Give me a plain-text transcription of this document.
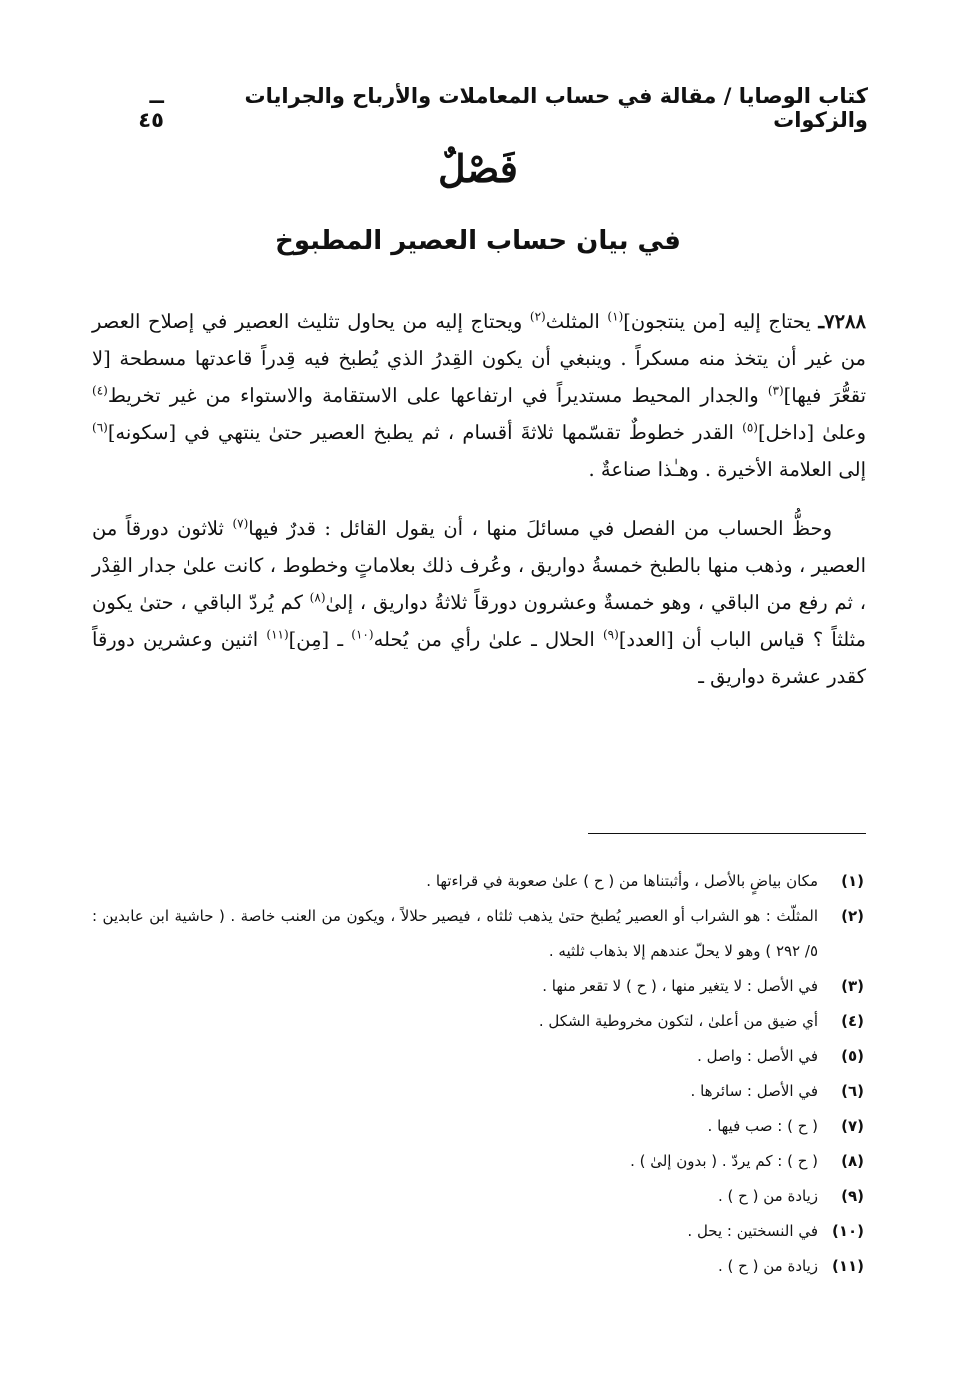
كتاب الوصايا / مقالة في حساب المعاملات والأرباح والجرايات والزكوات
ــ ٤٥
فَصْلٌ
في بيان حساب العصير المطبوخ

٧٢٨٨ـ يحتاج إليه [من ينتجون]$^{(١)}$ المثلث$^{(٢)}$ ويحتاج إليه من يحاول تثليث العصير في إصلاح العصر من غير أن يتخذ منه مسكراً . وينبغي أن يكون القِدرُ الذي يُطبخ فيه قِدراً قاعدتها مسطحة [لا تقعُّرَ فيها]$^{(٣)}$ والجدار المحيط مستديراً في ارتفاعها على الاستقامة والاستواء من غير تخريط$^{(٤)}$ وعلىٰ [داخل]$^{(٥)}$ القدر خطوطٌ تقسّمها ثلاثةَ أقسام ، ثم يطبخ العصير حتىٰ ينتهي في [سكونه]$^{(٦)}$ إلى العلامة الأخيرة . وهـٰذا صناعةٌ .

وحظُّ الحساب من الفصل في مسائلَ منها ، أن يقول القائل : قدرٌ فيها$^{(٧)}$ ثلاثون دورقاً من العصير ، وذهب منها بالطبخ خمسةُ دواريق ، وعُرف ذلك بعلاماتٍ وخطوط ، كانت علىٰ جدار القِدْر ، ثم رفع من الباقي ، وهو خمسةٌ وعشرون دورقاً ثلاثةُ دواريق ، إلىٰ$^{(٨)}$ كم يُردّ الباقي ، حتىٰ يكون مثلثاً ؟ قياس الباب أن [العدد]$^{(٩)}$ الحلال ـ علىٰ رأي من يُحله$^{(١٠)}$ ـ [مِن]$^{(١١)}$ اثنين وعشرين دورقاً كقدر عشرة دواريق ـ

(١)
مكان بياضٍ بالأصل ، وأثبتناها من ( ح ) علىٰ صعوبة في قراءتها .
(٢)
المثلّث : هو الشراب أو العصير يُطبخ حتىٰ يذهب ثلثاه ، فيصير حلالاً ، ويكون من العنب خاصة . ( حاشية ابن عابدين : ٥/ ٢٩٢ ) وهو لا يحلّ عندهم إلا بذهاب ثلثيه .
(٣)
في الأصل : لا يتغير منها ، ( ح ) لا تقعر منها .
(٤)
أي ضيق من أعلىٰ ، لتكون مخروطية الشكل .
(٥)
في الأصل : واصل .
(٦)
في الأصل : سائرها .
(٧)
( ح ) : صب فيها .
(٨)
( ح ) : كم يردّ . ( بدون إلىٰ ) .
(٩)
زيادة من ( ح ) .
(١٠)
في النسختين : يحل .
(١١)
زيادة من ( ح ) .
